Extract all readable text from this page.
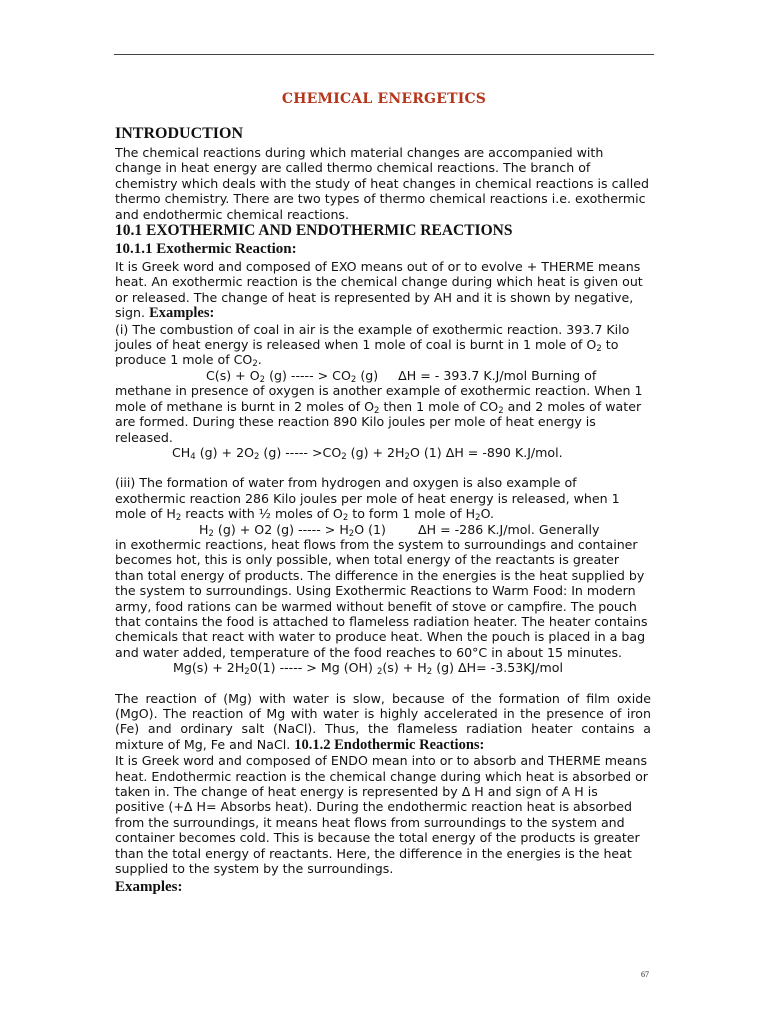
CHEMICAL ENERGETICS
INTRODUCTION

The chemical reactions during which material changes are accompanied with change in heat energy are called thermo chemical reactions. The branch of chemistry which deals with the study of heat changes in chemical reactions is called thermo chemistry. There are two types of thermo chemical reactions i.e. exothermic and endothermic chemical reactions.

10.1 EXOTHERMIC AND ENDOTHERMIC REACTIONS
10.1.1 Exothermic Reaction:

It is Greek word and composed of EXO means out of or to evolve + THERME means heat. An exothermic reaction is the chemical change during which heat is given out or released. The change of heat is represented by AH and it is shown by negative, sign. Examples:

(i) The combustion of coal in air is the example of exothermic reaction. 393.7 Kilo joules of heat energy is released when 1 mole of coal is burnt in 1 mole of $O_2$ to produce 1 mole of $CO_2$.

$C(s) + O_2$ (g) ----- > $CO_2$ (g)     ΔH = - 393.7 K.J/mol Burning of

methane in presence of oxygen is another example of exothermic reaction. When 1 mole of methane is burnt in 2 moles of $O_2$ then 1 mole of $CO_2$ and 2 moles of water are formed. During these reaction 890 Kilo joules per mole of heat energy is released.

$CH_4$ $(g) + 2O_2$ (g) ----- $>CO_2$ $(g) + 2H_2O$ (1) ΔH = -890 K.J/mol.

(iii) The formation of water from hydrogen and oxygen is also example of exothermic reaction 286 Kilo joules per mole of heat energy is released, when 1 mole of $H_2$ reacts with ½ moles of $O_2$ to form 1 mole of $H_2O$.

$H_2$ (g) + O2 (g) ----- > $H_2O$ (1)        ΔH = -286 K.J/mol. Generally

in exothermic reactions, heat flows from the system to surroundings and container becomes hot, this is only possible, when total energy of the reactants is greater than total energy of products. The difference in the energies is the heat supplied by the system to surroundings. Using Exothermic Reactions to Warm Food: In modern army, food rations can be warmed without benefit of stove or campfire. The pouch that contains the food is attached to flameless radiation heater. The heater contains chemicals that react with water to produce heat. When the pouch is placed in a bag and water added, temperature of the food reaches to 60°C in about 15 minutes.

$Mg(s) + 2H_20(1)$ ----- > Mg (OH) $_2(s) + H_2$ (g) ΔH= -3.53KJ/mol

The reaction of (Mg) with water is slow, because of the formation of film oxide (MgO). The reaction of Mg with water is highly accelerated in the presence of iron (Fe) and ordinary salt (NaCl). Thus, the flameless radiation heater contains a mixture of Mg, Fe and NaCl. 10.1.2 Endothermic Reactions:

It is Greek word and composed of ENDO mean into or to absorb and THERME means heat. Endothermic reaction is the chemical change during which heat is absorbed or taken in. The change of heat energy is represented by Δ H and sign of A H is positive (+Δ H= Absorbs heat). During the endothermic reaction heat is absorbed from the surroundings, it means heat flows from surroundings to the system and container becomes cold. This is because the total energy of the products is greater than the total energy of reactants. Here, the difference in the energies is the heat supplied to the system by the surroundings.

Examples:
67
